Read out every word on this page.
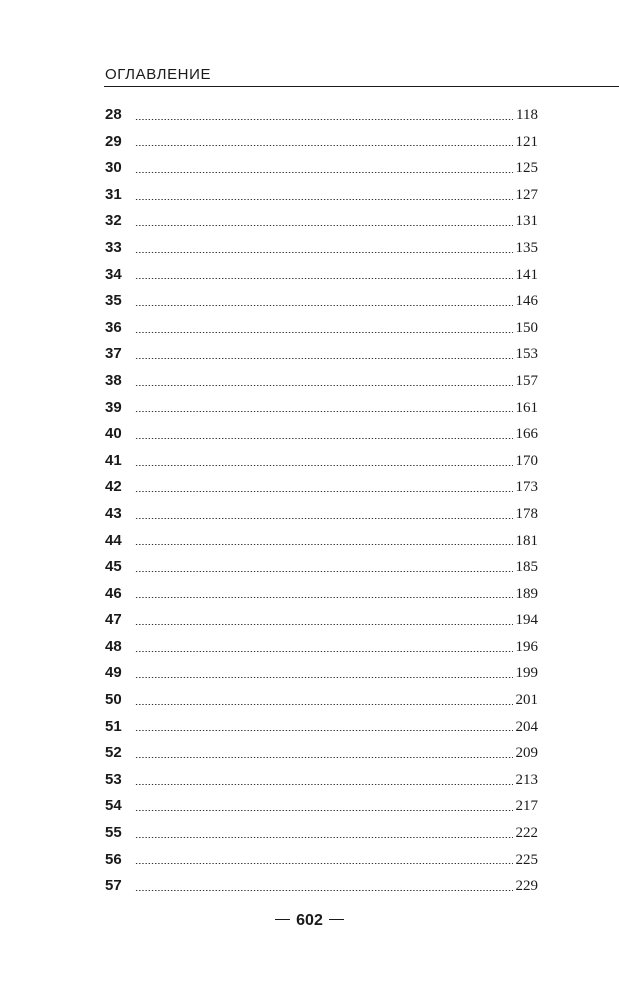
ОГЛАВЛЕНИЕ
28	118
29	121
30	125
31	127
32	131
33	135
34	141
35	146
36	150
37	153
38	157
39	161
40	166
41	170
42	173
43	178
44	181
45	185
46	189
47	194
48	196
49	199
50	201
51	204
52	209
53	213
54	217
55	222
56	225
57	229
602
